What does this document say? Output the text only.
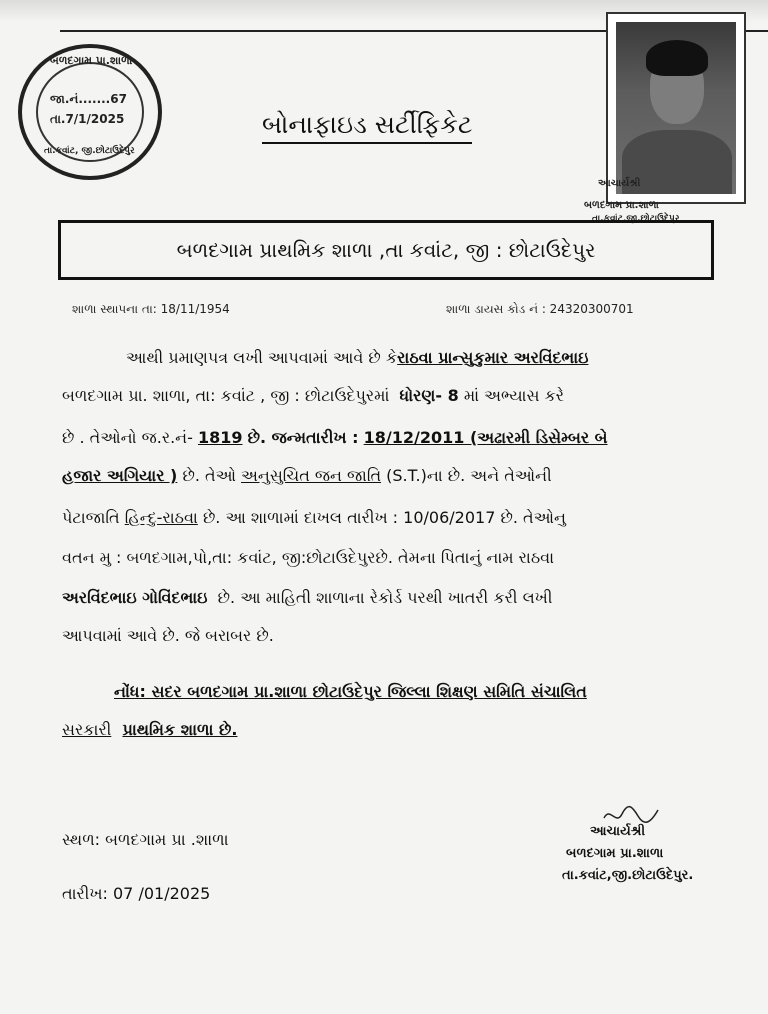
બળદગામ પ્રા.શાળા
તા.કવાંટ, જી.છોટાઉદેપુર
જા.નં.......67
તા.7/1/2025
આચાર્યશ્રી
બળદગામ પ્રા.શાળા
તા.કવાંટ,જી.છોટાઉદેપુર
બોનાફાઇડ સર્ટીફિકેટ
બળદગામ પ્રાથમિક શાળા ,તા કવાંટ, જી : છોટાઉદેપુર
શાળા સ્થાપના તા: 18/11/1954	શાળા ડાયસ કોડ નં : 24320300701
આથી પ્રમાણપત્ર લખી આપવામાં આવે છે કેરાઠવા પ્રાન્સુકુમાર અરવિંદભાઇ
બળદગામ પ્રા. શાળા, તા: કવાંટ , જી : છોટાઉદેપુરમાં ધોરણ- 8 માં અભ્યાસ કરે
છે . તેઓનો જ.ર.નં- 1819 છે. જન્મતારીખ : 18/12/2011 (અઢારમી ડિસેમ્બર બે
હજાર અગિયાર ) છે. તેઓ અનુસુચિત જન જાતિ (S.T.)ના છે. અને તેઓની
પેટાજાતિ હિન્દુ-રાઠવા છે. આ શાળામાં દાખલ તારીખ : 10/06/2017 છે. તેઓનુ
વતન મુ : બળદગામ,પો,તા: કવાંટ, જી:છોટાઉદેપુરછે. તેમના પિતાનું નામ રાઠવા
અરવિંદભાઇ ગોવિંદભાઇ છે. આ માહિતી શાળાના રેકોર્ડ પરથી ખાતરી કરી લખી
આપવામાં આવે છે. જે બરાબર છે.
નોંધ: સદર બળદગામ પ્રા.શાળા છોટાઉદેપુર જિલ્લા શિક્ષણ સમિતિ સંચાલિત
સરકારી પ્રાથમિક શાળા છે.
આચાર્યશ્રી
બળદગામ પ્રા.શાળા
તા.કવાંટ,જી.છોટાઉદેપુર.
સ્થળ: બળદગામ પ્રા .શાળા
તારીખ: 07 /01/2025
